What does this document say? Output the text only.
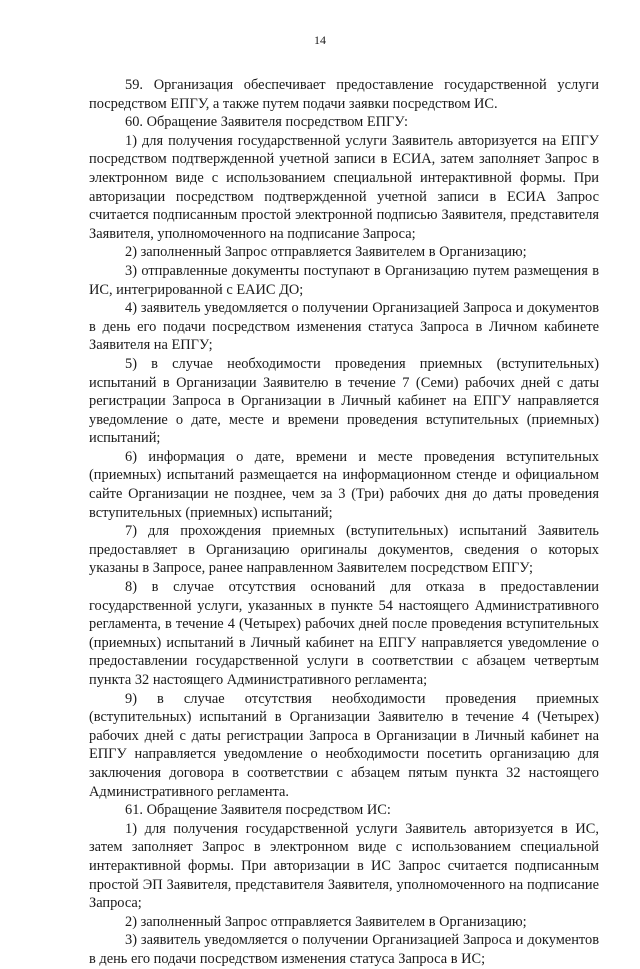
14

59. Организация обеспечивает предоставление государственной услуги посредством ЕПГУ, а также путем подачи заявки посредством ИС.

60. Обращение Заявителя посредством ЕПГУ:

1) для получения государственной услуги Заявитель авторизуется на ЕПГУ посредством подтвержденной учетной записи в ЕСИА, затем заполняет Запрос в электронном виде с использованием специальной интерактивной формы. При авторизации посредством подтвержденной учетной записи в ЕСИА Запрос считается подписанным простой электронной подписью Заявителя, представителя Заявителя, уполномоченного на подписание Запроса;

2) заполненный Запрос отправляется Заявителем в Организацию;

3) отправленные документы поступают в Организацию путем размещения в ИС, интегрированной с ЕАИС ДО;

4) заявитель уведомляется о получении Организацией Запроса и документов в день его подачи посредством изменения статуса Запроса в Личном кабинете Заявителя на ЕПГУ;

5) в случае необходимости проведения приемных (вступительных) испытаний в Организации Заявителю в течение 7 (Семи) рабочих дней с даты регистрации Запроса в Организации в Личный кабинет на ЕПГУ направляется уведомление о дате, месте и времени проведения вступительных (приемных) испытаний;

6) информация о дате, времени и месте проведения вступительных (приемных) испытаний размещается на информационном стенде и официальном сайте Организации не позднее, чем за 3 (Три) рабочих дня до даты проведения вступительных (приемных) испытаний;

7) для прохождения приемных (вступительных) испытаний Заявитель предоставляет в Организацию оригиналы документов, сведения о которых указаны в Запросе, ранее направленном Заявителем посредством ЕПГУ;

8) в случае отсутствия оснований для отказа в предоставлении государственной услуги, указанных в пункте 54 настоящего Административного регламента, в течение 4 (Четырех) рабочих дней после проведения вступительных (приемных) испытаний в Личный кабинет на ЕПГУ направляется уведомление о предоставлении государственной услуги в соответствии с абзацем четвертым пункта 32 настоящего Административного регламента;

9) в случае отсутствия необходимости проведения приемных (вступительных) испытаний в Организации Заявителю в течение 4 (Четырех) рабочих дней с даты регистрации Запроса в Организации в Личный кабинет на ЕПГУ направляется уведомление о необходимости посетить организацию для заключения договора в соответствии с абзацем пятым пункта 32 настоящего Административного регламента.

61. Обращение Заявителя посредством ИС:

1) для получения государственной услуги Заявитель авторизуется в ИС, затем заполняет Запрос в электронном виде с использованием специальной интерактивной формы. При авторизации в ИС Запрос считается подписанным простой ЭП Заявителя, представителя Заявителя, уполномоченного на подписание Запроса;

2) заполненный Запрос отправляется Заявителем в Организацию;

3) заявитель уведомляется о получении Организацией Запроса и документов в день его подачи посредством изменения статуса Запроса в ИС;
